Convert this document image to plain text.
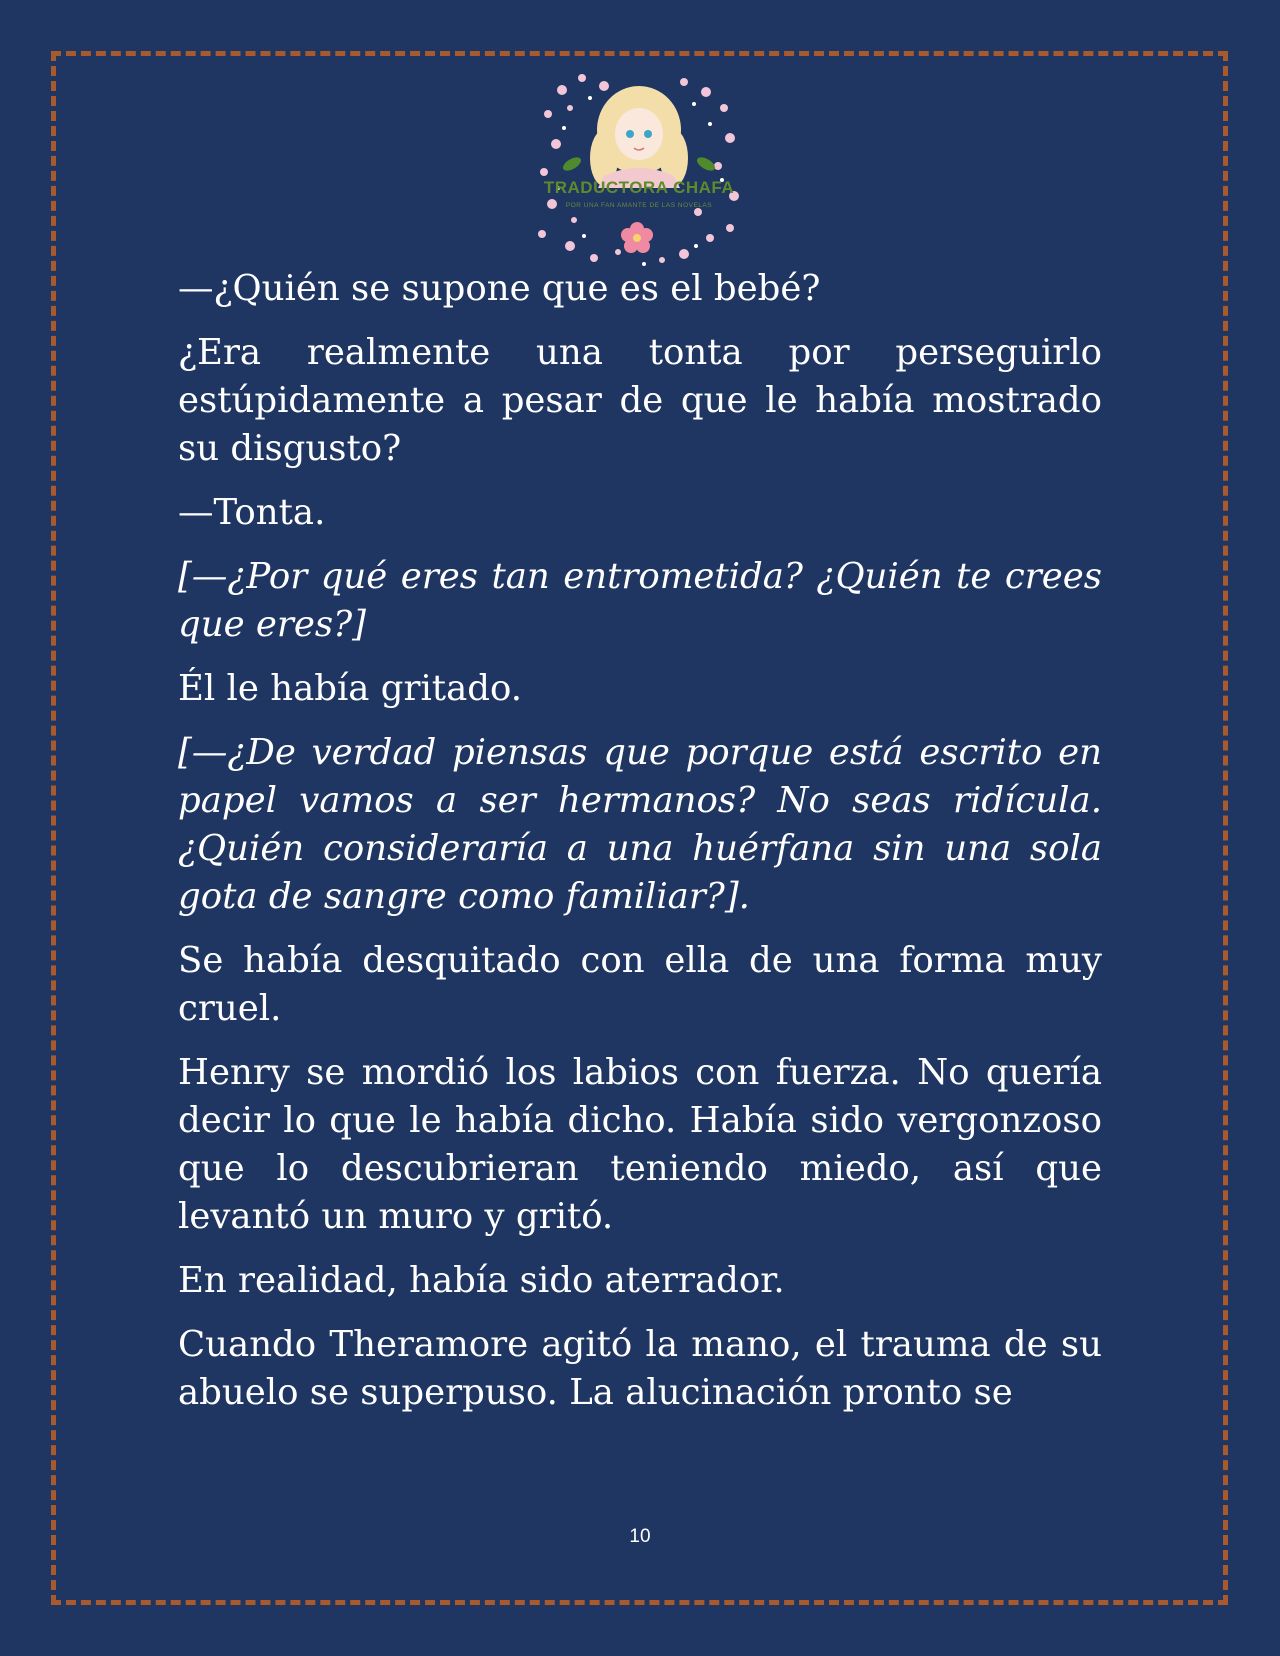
TRADUCTORA CHAFA
POR UNA FAN AMANTE DE LAS NOVELAS

—¿Quién se supone que es el bebé?

¿Era realmente una tonta por perseguirlo estúpidamente a pesar de que le había mostrado su disgusto?

—Tonta.

[—¿Por qué eres tan entrometida? ¿Quién te crees que eres?]

Él le había gritado.

[—¿De verdad piensas que porque está escrito en papel vamos a ser hermanos? No seas ridícula. ¿Quién consideraría a una huérfana sin una sola gota de sangre como familiar?].

Se había desquitado con ella de una forma muy cruel.

Henry se mordió los labios con fuerza. No quería decir lo que le había dicho. Había sido vergonzoso que lo descubrieran teniendo miedo, así que levantó un muro y gritó.

En realidad, había sido aterrador.

Cuando Theramore agitó la mano, el trauma de su abuelo se superpuso. La alucinación pronto se

10
